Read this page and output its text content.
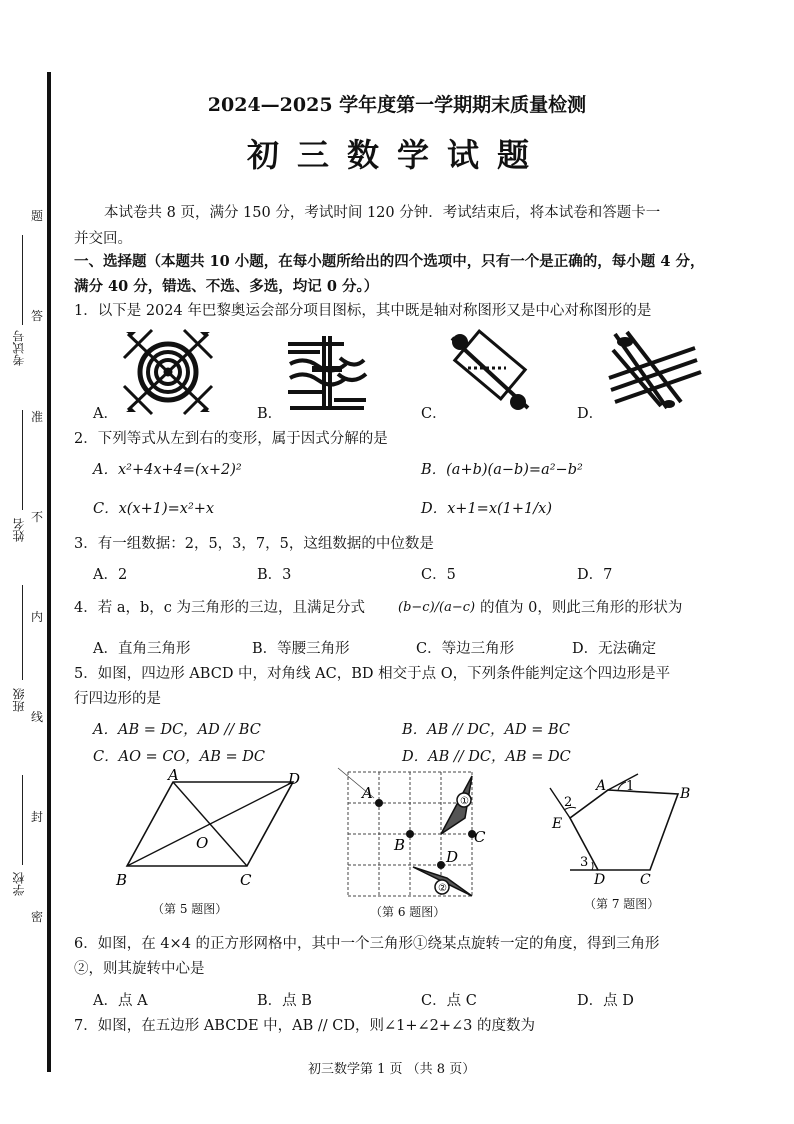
考试号
姓名
班级
学校
题
答
准
不
内
线
封
密
2024—2025 学年度第一学期期末质量检测
初三数学试题
本试卷共 8 页，满分 150 分，考试时间 120 分钟．考试结束后，将本试卷和答题卡一
并交回。
一、选择题（本题共 10 小题，在每小题所给出的四个选项中，只有一个是正确的，每小题 4 分，
满分 40 分，错选、不选、多选，均记 0 分。）
1．以下是 2024 年巴黎奥运会部分项目图标，其中既是轴对称图形又是中心对称图形的是
A．	B．	C．	D．
2．下列等式从左到右的变形，属于因式分解的是
A．x²+4x+4=(x+2)²	B．(a+b)(a−b)=a²−b²
C．x(x+1)=x²+x	D．x+1=x(1+1/x)
3．有一组数据：2，5，3，7，5，这组数据的中位数是
A．2	B．3	C．5	D．7
4．若 a，b，c 为三角形的三边，且满足分式	(b−c)/(a−c) 的值为 0，则此三角形的形状为
A．直角三角形	B．等腰三角形	C．等边三角形	D．无法确定
5．如图，四边形 ABCD 中，对角线 AC，BD 相交于点 O，下列条件能判定这个四边形是平
行四边形的是
A．AB = DC，AD // BC	B．AB // DC，AD = BC
C．AO = CO，AB = DC	D．AB // DC，AB = DC
A	D
O
B	C
（第 5 题图）
①
②
A
B	C
D
（第 6 题图）
A	B
C
D
E
1
2
3
（第 7 题图）
6．如图，在 4×4 的正方形网格中，其中一个三角形①绕某点旋转一定的角度，得到三角形
②，则其旋转中心是
A．点 A	B．点 B	C．点 C	D．点 D
7．如图，在五边形 ABCDE 中，AB // CD，则∠1+∠2+∠3 的度数为
初三数学第 1 页 （共 8 页）
